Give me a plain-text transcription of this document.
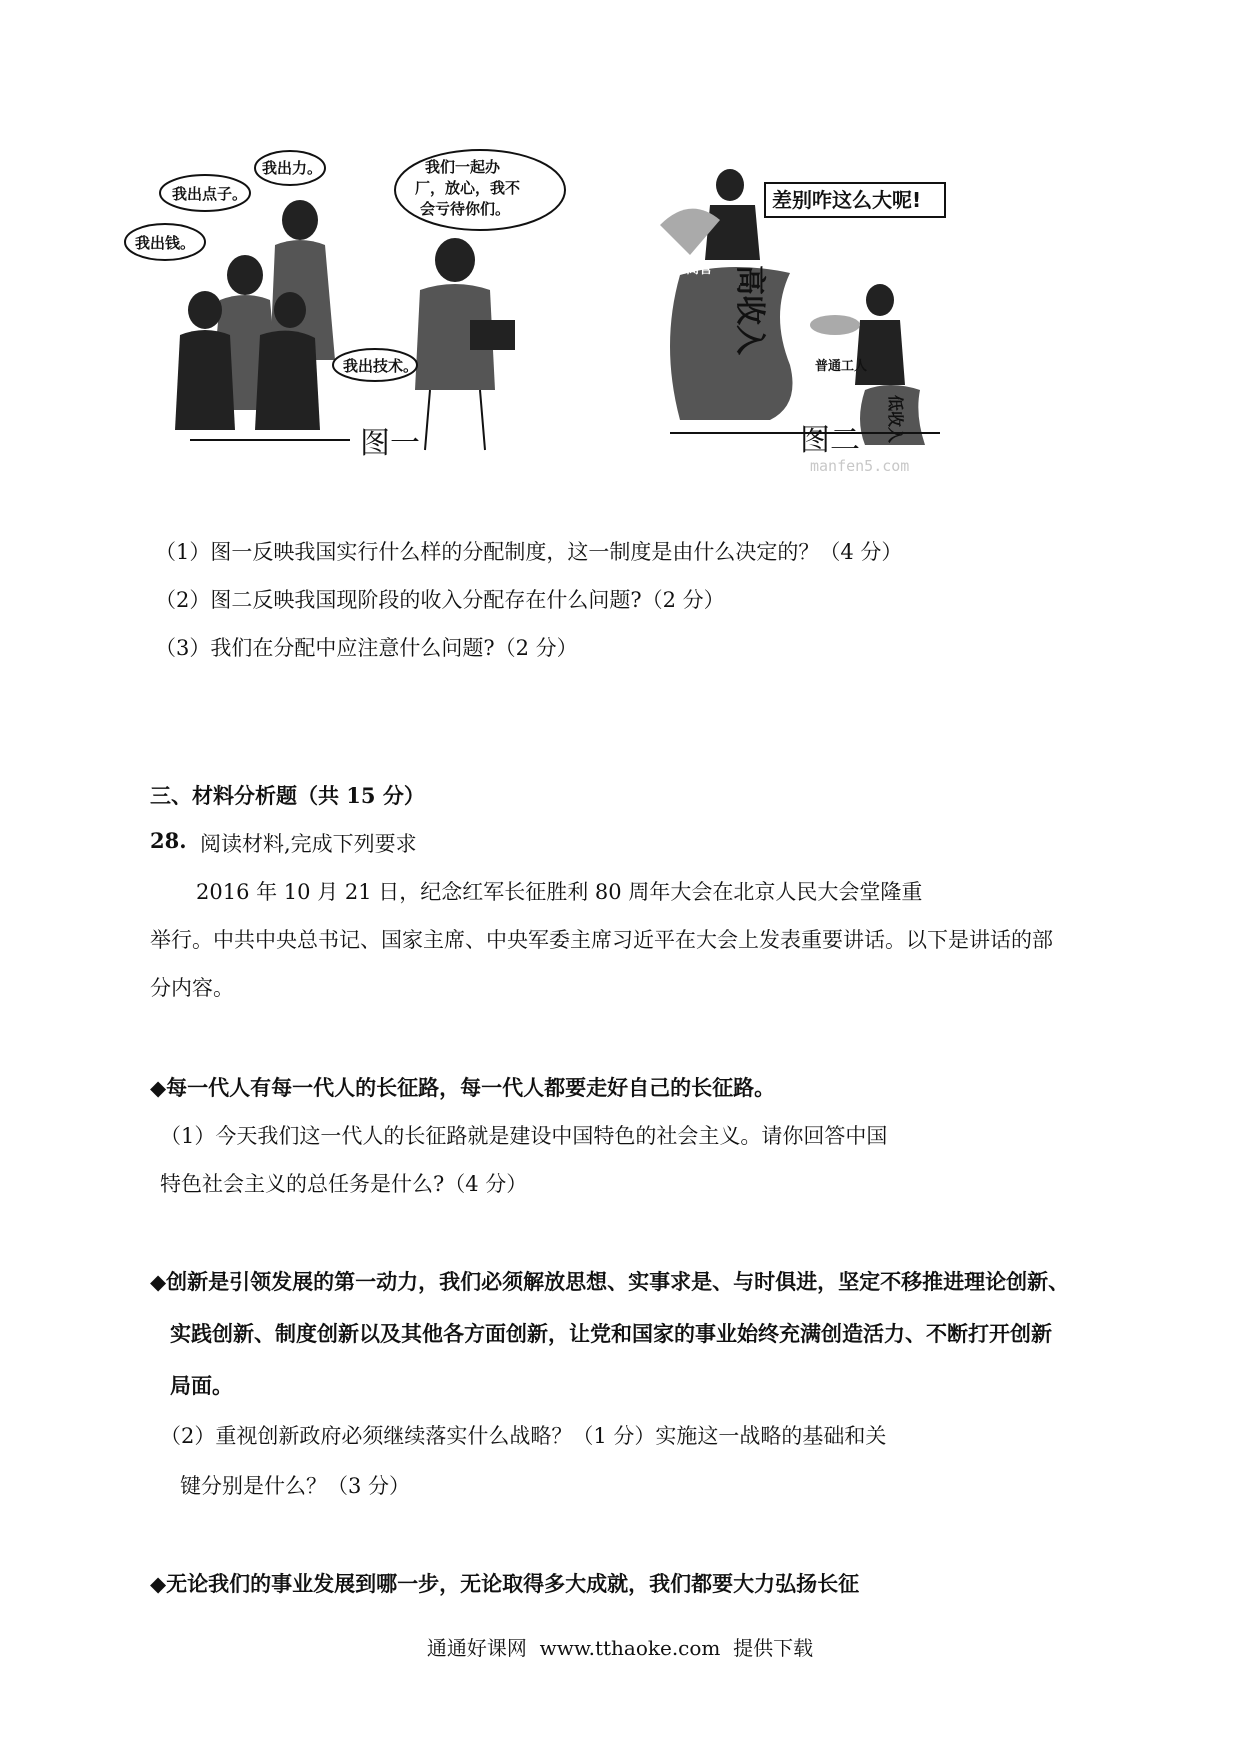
我出点子。
我出力。
我出钱。
我们一起办
厂，放心，我不
会亏待你们。
我出技术。
图一
差别咋这么大呢!
企业高管 高收入
普通工人
低收入
图二
manfen5.com
（1）图一反映我国实行什么样的分配制度，这一制度是由什么决定的？（4 分）
（2）图二反映我国现阶段的收入分配存在什么问题?（2 分）
（3）我们在分配中应注意什么问题?（2 分）
三、材料分析题（共 15 分）
28. 阅读材料,完成下列要求
2016 年 10 月 21 日，纪念红军长征胜利 80 周年大会在北京人民大会堂隆重
举行。中共中央总书记、国家主席、中央军委主席习近平在大会上发表重要讲话。以下是讲话的部
分内容。
◆每一代人有每一代人的长征路，每一代人都要走好自己的长征路。
（1）今天我们这一代人的长征路就是建设中国特色的社会主义。请你回答中国
特色社会主义的总任务是什么?（4 分）
◆创新是引领发展的第一动力，我们必须解放思想、实事求是、与时俱进，坚定不移推进理论创新、
实践创新、制度创新以及其他各方面创新，让党和国家的事业始终充满创造活力、不断打开创新
局面。
（2）重视创新政府必须继续落实什么战略？（1 分）实施这一战略的基础和关
键分别是什么？（3 分）
◆无论我们的事业发展到哪一步，无论取得多大成就，我们都要大力弘扬长征
通通好课网  www.tthaoke.com  提供下载
